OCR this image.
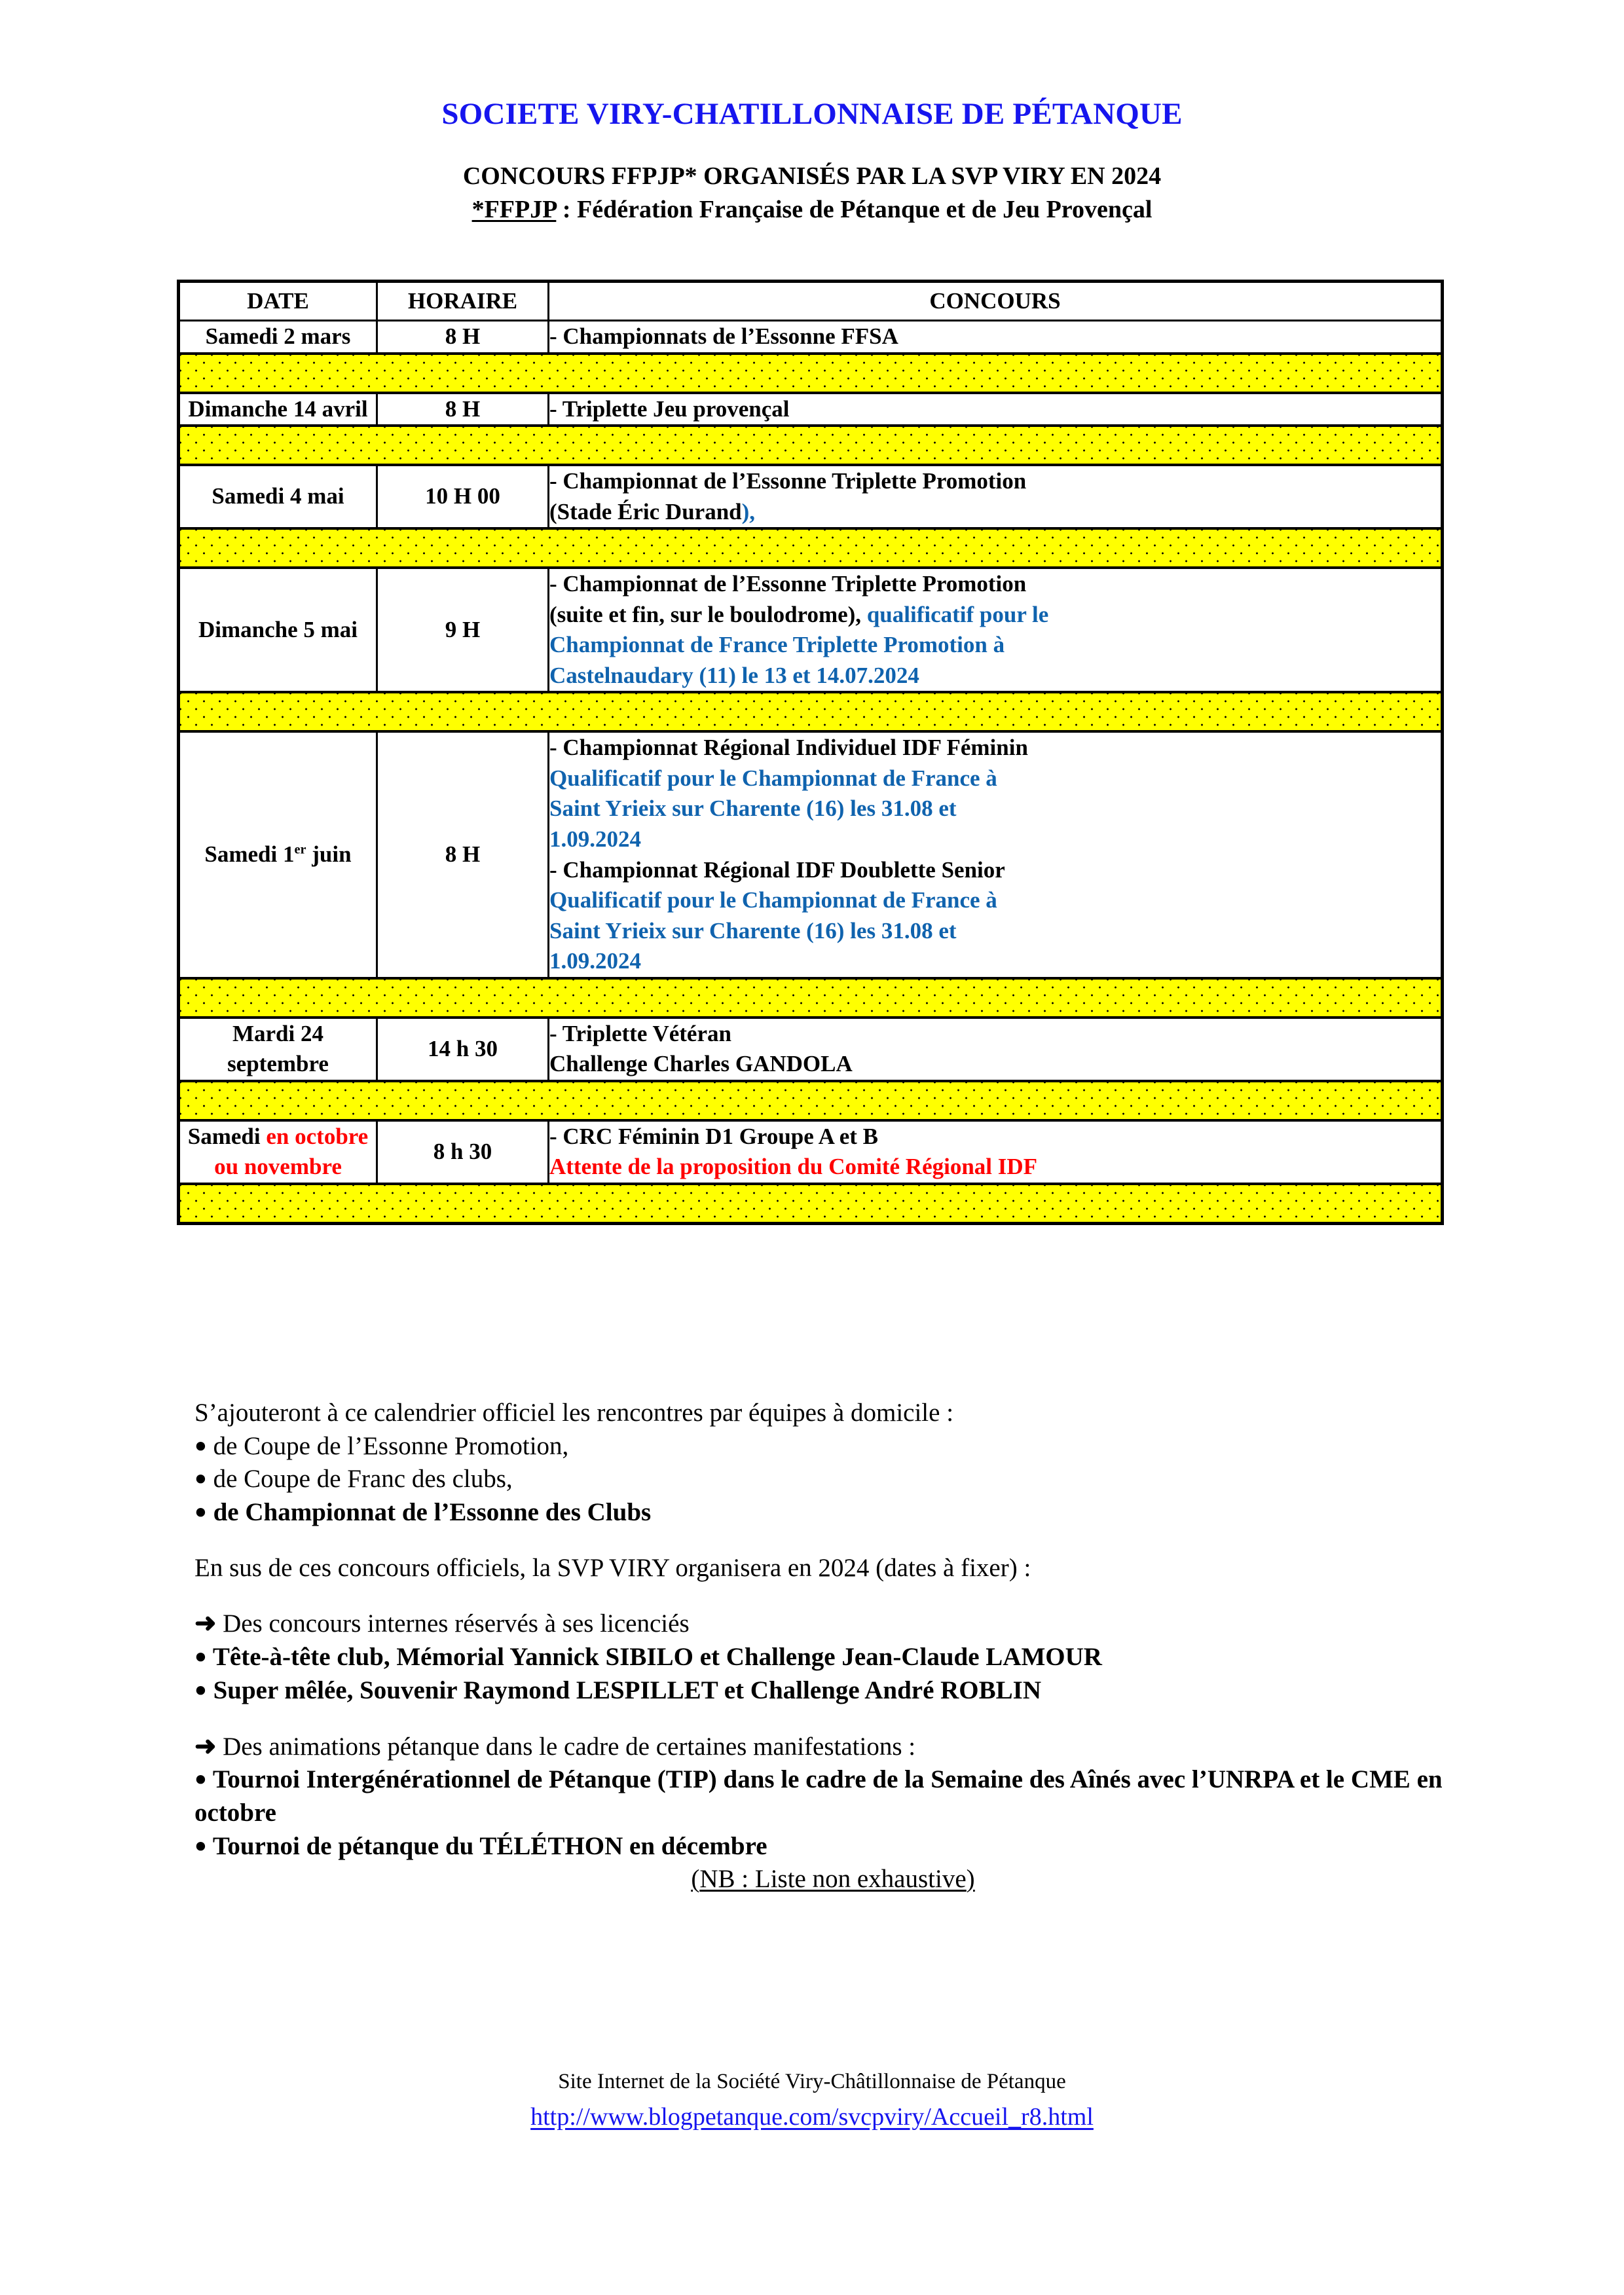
SOCIETE VIRY-CHATILLONNAISE DE PÉTANQUE
CONCOURS FFPJP* ORGANISÉS PAR LA SVP VIRY EN 2024
*FFPJP : Fédération Française de Pétanque et de Jeu Provençal
DATE	HORAIRE	CONCOURS
Samedi 2 mars	8 H	- Championnats de l’Essonne FFSA

Dimanche 14 avril	8 H	- Triplette Jeu provençal

Samedi 4 mai	10 H 00	- Championnat de l’Essonne Triplette Promotion
(Stade Éric Durand),

Dimanche 5 mai	9 H	- Championnat de l’Essonne Triplette Promotion
(suite et fin, sur le boulodrome), qualificatif pour le
Championnat de France Triplette Promotion à
Castelnaudary (11) le 13 et 14.07.2024

Samedi 1er juin	8 H	
- Championnat Régional Individuel IDF Féminin
Qualificatif pour le Championnat de France à
Saint Yrieix sur Charente (16) les 31.08 et
1.09.2024
- Championnat Régional IDF Doublette Senior
Qualificatif pour le Championnat de France à
Saint Yrieix sur Charente (16) les 31.08 et
1.09.2024

Mardi 24 septembre	14 h 30	- Triplette Vétéran
Challenge Charles GANDOLA

Samedi en octobre ou novembre	8 h 30	- CRC Féminin D1 Groupe A et B
Attente de la proposition du Comité Régional IDF

S’ajouteront à ce calendrier officiel les rencontres par équipes à domicile :

● de Coupe de l’Essonne Promotion,

● de Coupe de Franc des clubs,

● de Championnat de l’Essonne des Clubs

En sus de ces concours officiels, la SVP VIRY organisera en 2024 (dates à fixer) :

➜ Des concours internes réservés à ses licenciés

● Tête-à-tête club, Mémorial Yannick SIBILO et Challenge Jean-Claude LAMOUR

● Super mêlée, Souvenir Raymond LESPILLET et Challenge André ROBLIN

➜ Des animations pétanque dans le cadre de certaines manifestations :

● Tournoi Intergénérationnel de Pétanque (TIP) dans le cadre de la Semaine des Aînés avec l’UNRPA et le CME en octobre

● Tournoi de pétanque du TÉLÉTHON en décembre

(NB : Liste non exhaustive)

Site Internet de la Société Viry-Châtillonnaise de Pétanque
http://www.blogpetanque.com/svcpviry/Accueil_r8.html
